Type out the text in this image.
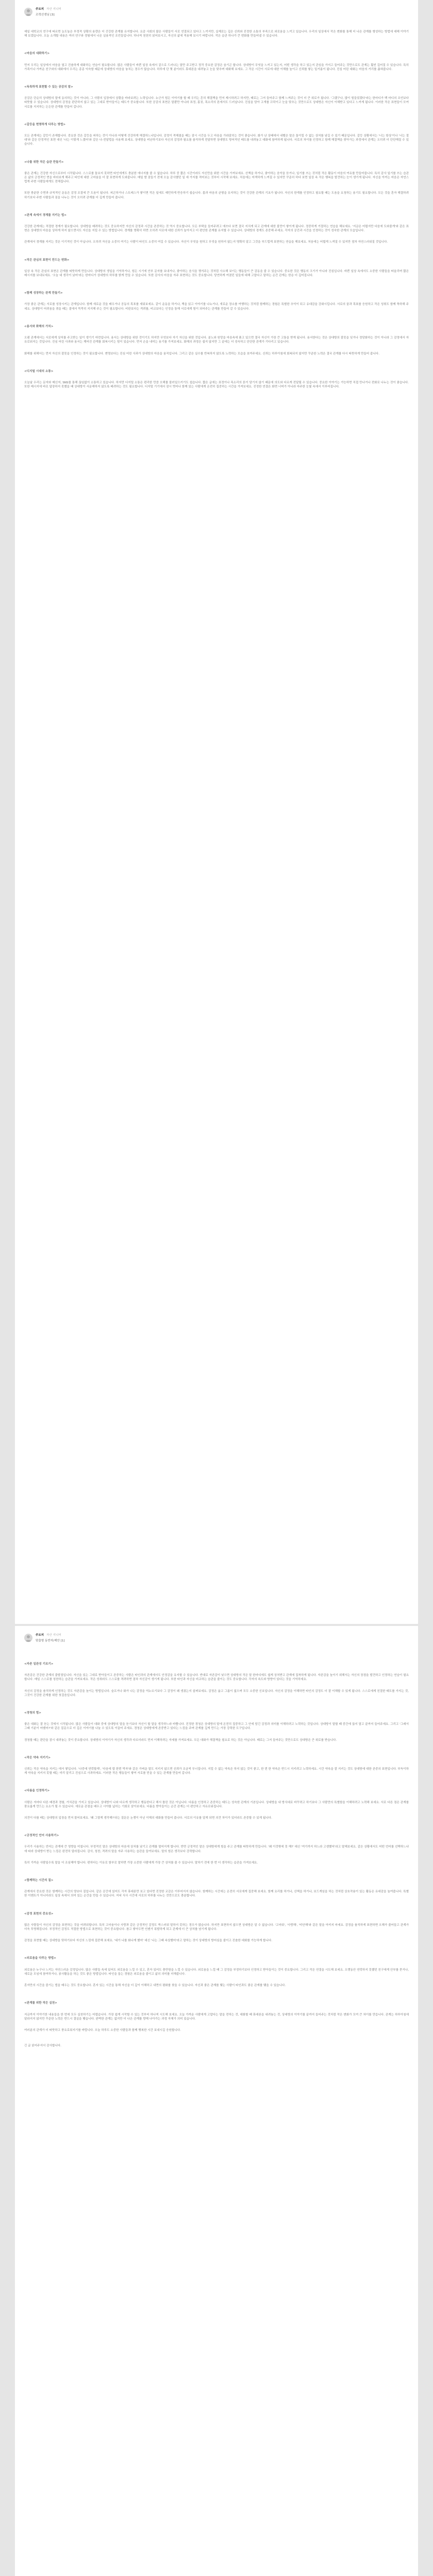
주토피 자산 지니어
조력선생님 [3]
예일 대학교의 연구에 따르면 농도높은 부정적 상황의 용량은 더 건강한 관계를 유지합니다. 요즘 사회의 많은 사람들이 서로 연결되고 있다고 느끼지만, 실제로는 깊은 신뢰와 진정한 소통의 부족으로 외로움을 느끼고 있습니다. 우리의 일상에서 작은 변화를 통해 더 나은 관계를 형성하는 방법에 대해 이야기해 보겠습니다. 오늘 소개할 내용은 여러 연구와 경험에서 나온 실용적인 조언들입니다. 하나씩 천천히 읽어보시고, 자신의 삶에 적용해 보시기 바랍니다. 작은 습관 하나가 큰 변화를 만들어낼 수 있습니다.
<마음의 대화하기>
먼저 우리는 일상에서 마음을 열고 진솔하게 대화하는 연습이 필요합니다. 많은 사람들이 바쁜 일상 속에서 겉으로 드러나는 말만 주고받고 정작 중요한 감정은 숨기곤 합니다. 상대방이 무엇을 느끼고 있는지, 어떤 생각을 하고 있는지 관심을 가지고 들어주는 것만으로도 관계는 훨씬 깊어질 수 있습니다. 특히 가족이나 가까운 친구와의 대화에서 우리는 종종 익숙함 때문에 상대방의 마음을 놓치는 경우가 많습니다. 하루에 단 몇 분이라도 휴대폰을 내려놓고 눈을 맞추며 대화해 보세요. 그 작은 시간이 서로에 대한 이해를 높이고 신뢰를 쌓는 밑거름이 됩니다. 진심 어린 대화는 마음의 거리를 좁혀줍니다.
<독특하게 표현할 수 있는 공감의 말>
공감은 단순히 상대방의 말에 동의하는 것이 아니라, 그 사람의 입장에서 상황을 바라보려는 노력입니다. 누군가 힘든 이야기를 할 때 우리는 흔히 해결책을 먼저 제시하려고 하지만, 때로는 그저 들어주고 함께 느껴주는 것이 더 큰 위로가 됩니다. '그랬구나, 많이 힘들었겠다'라는 한마디가 백 마디의 조언보다 따뜻할 수 있습니다. 상대방의 감정을 판단하지 않고 있는 그대로 받아들이는 태도가 중요합니다. 또한 공감의 표현은 말뿐만 아니라 표정, 몸짓, 목소리의 톤에서도 드러납니다. 진심을 담아 고개를 끄덕이고 눈을 맞추는 것만으로도 상대방은 자신이 이해받고 있다고 느끼게 됩니다. 이러한 작은 표현들이 모여 서로를 지지하는 든든한 관계를 만들어 갑니다.
<갈등을 현명하게 다루는 방법>
모든 관계에는 갈등이 존재합니다. 중요한 것은 갈등을 피하는 것이 아니라 어떻게 건강하게 해결하느냐입니다. 감정이 격해졌을 때는 잠시 시간을 두고 마음을 가라앉히는 것이 좋습니다. 화가 난 상태에서 내뱉은 말은 돌이킬 수 없는 상처를 남길 수 있기 때문입니다. 갈등 상황에서는 '너는 항상'이나 '너는 절대'와 같은 단정적인 표현 대신 '나는 이렇게 느꼈어'와 같은 나-전달법을 사용해 보세요. 상대방을 비난하기보다 자신의 감정과 필요를 솔직하게 전달하면 상대방도 방어적인 태도를 내려놓고 대화에 참여하게 됩니다. 서로의 차이를 인정하고 함께 해결책을 찾아가는 과정에서 관계는 오히려 더 단단해질 수 있습니다.
<나를 위한 작은 습관 만들기>
좋은 관계는 건강한 자신으로부터 시작됩니다. 스스로를 돌보지 못하면 타인에게도 충분한 에너지를 줄 수 없습니다. 하루 중 짧은 시간이라도 자신만을 위한 시간을 가져보세요. 산책을 하거나, 좋아하는 음악을 듣거나, 일기를 쓰는 것처럼 작은 활동이 마음의 여유를 만들어줍니다. 특히 감사 일기를 쓰는 습관은 삶의 긍정적인 면을 바라보게 해주고 타인에 대한 고마움을 더 잘 표현하게 도와줍니다. 매일 밤 잠들기 전에 오늘 감사했던 일 세 가지를 적어보는 것부터 시작해 보세요. 처음에는 어색하게 느껴질 수 있지만 꾸준히 하다 보면 일상 속 작은 행복을 발견하는 눈이 생기게 됩니다. 자신을 아끼는 마음은 자연스럽게 주변 사람들에게도 전해집니다.
또한 충분한 수면과 규칙적인 운동은 감정 조절에 큰 도움이 됩니다. 피곤하거나 스트레스가 쌓이면 작은 일에도 예민하게 반응하기 쉽습니다. 몸과 마음의 균형을 유지하는 것이 건강한 관계의 기초가 됩니다. 자신의 한계를 인정하고 필요할 때는 도움을 요청하는 용기도 필요합니다. 모든 것을 혼자 해결하려 하기보다 주변 사람들과 짐을 나누는 것이 오히려 관계를 더 깊게 만들어 줍니다.
<관계 속에서 경계를 지키는 법>
건강한 관계에는 적절한 경계가 필요합니다. 상대방을 배려하는 것도 중요하지만 자신의 감정과 시간을 존중하는 것 역시 중요합니다. 모든 부탁을 들어주려고 애쓰다 보면 결국 지치게 되고 관계에 대한 불만이 쌓이게 됩니다. 정중하게 거절하는 연습을 해보세요. '지금은 어렵지만 다음에 도와줄게'와 같은 표현은 상대방의 마음을 상하게 하지 않으면서도 자신을 지킬 수 있는 방법입니다. 경계를 명확히 하면 오히려 서로에 대한 신뢰가 높아지고 더 편안한 관계를 유지할 수 있습니다. 상대방의 경계도 존중해 주세요. 각자의 공간과 시간을 인정하는 것이 성숙한 관계의 모습입니다.
관계에서 경계를 지키는 것은 이기적인 것이 아닙니다. 오히려 자신을 소중히 여기는 사람이 타인도 소중히 여길 수 있습니다. 자신이 무엇을 원하고 무엇을 원하지 않는지 명확히 알고 그것을 부드럽게 표현하는 연습을 해보세요. 처음에는 어렵게 느껴질 수 있지만 점차 자연스러워질 것입니다.
<작은 관심의 표현이 만드는 변화>
일상 속 작은 관심의 표현은 관계를 따뜻하게 만듭니다. 상대방의 생일을 기억하거나, 힘든 시기에 안부 문자를 보내거나, 좋아하는 음식을 챙겨주는 것처럼 사소해 보이는 행동들이 큰 감동을 줄 수 있습니다. 중요한 것은 행동의 크기가 아니라 진심입니다. 바쁜 일상 속에서도 소중한 사람들을 떠올리며 짧은 메시지를 보내보세요. '오늘 네 생각이 났어'라는 한마디가 상대방의 하루를 밝게 만들 수 있습니다. 또한 감사의 마음을 자주 표현하는 것도 중요합니다. 당연하게 여겼던 일들에 대해 고맙다고 말하는 순간 관계는 한층 더 깊어집니다.
<함께 성장하는 관계 만들기>
가장 좋은 관계는 서로를 성장시키는 관계입니다. 함께 새로운 것을 배우거나 공동의 목표를 세워보세요. 같이 운동을 하거나, 책을 읽고 이야기를 나누거나, 새로운 장소를 여행하는 것처럼 함께하는 경험은 특별한 추억이 되고 유대감을 강화시킵니다. 서로의 꿈과 목표를 응원하고 작은 성취도 함께 축하해 주세요. 상대방이 어려움을 겪을 때는 곁에서 묵묵히 지지해 주는 것이 필요합니다. 비판보다는 격려를, 비교보다는 인정을 통해 서로에게 힘이 되어주는 관계를 만들어 갈 수 있습니다.
<용서와 화해의 가치>
오랜 관계에서는 서로에게 상처를 주고받는 일이 생기기 마련입니다. 용서는 상대방을 위한 것이기도 하지만 무엇보다 자기 자신을 위한 것입니다. 분노와 원망을 마음속에 품고 있으면 결국 자신이 가장 큰 고통을 받게 됩니다. 용서한다는 것은 상대방의 잘못을 잊거나 정당화하는 것이 아니라 그 감정에서 자유로워지는 것입니다. 진심 어린 사과와 용서는 깨어진 관계를 회복시키는 힘이 있습니다. 먼저 손을 내미는 용기를 가져보세요. 화해의 과정은 쉽지 않지만 그 끝에는 더 성숙하고 단단한 관계가 기다리고 있습니다.
화해를 위해서는 먼저 자신의 잘못을 인정하는 것이 필요합니다. 변명보다는 진심 어린 사과가 상대방의 마음을 움직입니다. 그리고 같은 실수를 반복하지 않도록 노력하는 모습을 보여주세요. 신뢰는 하루아침에 회복되지 않지만 꾸준한 노력은 결국 관계를 다시 따뜻하게 만들어 줍니다.
<디지털 시대의 소통>
오늘날 우리는 문자와 메신저, SNS를 통해 끊임없이 소통하고 있습니다. 하지만 디지털 소통은 편리한 만큼 오해를 불러일으키기도 쉽습니다. 짧은 글에는 표정이나 목소리의 톤이 담기지 않기 때문에 의도와 다르게 전달될 수 있습니다. 중요한 이야기는 가능하면 직접 만나거나 전화로 나누는 것이 좋습니다. 또한 메시지에 바로 답장하지 못했을 때 상대방이 서운해하지 않도록 배려하는 것도 필요합니다. 디지털 기기에서 잠시 벗어나 함께 있는 사람에게 온전히 집중하는 시간을 가져보세요. 진정한 연결은 화면 너머가 아니라 마주한 눈빛 속에서 이루어집니다.
주토피 자산 지니어
맞춤형 동반자/제안 [1]
<자존 일관성 기르기>
자존감은 건강한 관계의 출발점입니다. 자신을 있는 그대로 받아들이고 존중하는 사람은 타인과의 관계에서도 안정감을 유지할 수 있습니다. 반대로 자존감이 낮으면 상대방의 작은 말 한마디에도 쉽게 상처받고 관계에 집착하게 됩니다. 자존감을 높이기 위해서는 자신의 장점을 발견하고 인정하는 연습이 필요합니다. 매일 스스로를 칭찬하는 습관을 가져보세요. 작은 성취라도 스스로를 격려하면 점차 자신감이 생기게 됩니다. 또한 타인과 자신을 비교하는 습관을 줄이는 것도 중요합니다. 각자의 속도와 방향이 있다는 것을 기억하세요.
자신의 감정을 솔직하게 인정하는 것도 자존감을 높이는 방법입니다. 슬프거나 화가 나는 감정을 억누르기보다 그 감정이 왜 생겼는지 살펴보세요. 감정은 옳고 그름이 없으며 모두 소중한 신호입니다. 자신의 감정을 이해하면 타인의 감정도 더 잘 이해할 수 있게 됩니다. 스스로에게 친절한 태도를 가지는 것, 그것이 건강한 관계를 위한 첫걸음입니다.
<경청의 힘>
좋은 대화는 잘 듣는 것에서 시작됩니다. 많은 사람들이 대화 중에 상대방의 말을 듣기보다 자신이 할 말을 생각하느라 바쁩니다. 진정한 경청은 상대방의 말에 온전히 집중하고 그 안에 담긴 감정과 의미를 이해하려고 노력하는 것입니다. 상대방이 말할 때 중간에 끊지 말고 끝까지 들어주세요. 그리고 '그래서 그때 기분이 어땠어?'와 같은 질문으로 더 깊은 이야기를 나눌 수 있도록 이끌어 주세요. 경청은 상대방에게 존중받고 있다는 느낌을 주며 관계를 깊게 만드는 가장 강력한 도구입니다.
경청할 때는 판단을 잠시 내려놓는 것이 중요합니다. 상대방의 이야기가 자신의 생각과 다르더라도 먼저 이해하려는 자세를 가져보세요. 모든 대화가 해결책을 필요로 하는 것은 아닙니다. 때로는 그저 들어주는 것만으로도 상대방은 큰 위로를 받습니다.
<작은 약속 지키기>
신뢰는 작은 약속을 지키는 데서 쌓입니다. '나중에 연락할게', '다음에 밥 한번 먹자'와 같은 가벼운 말도 지키지 않으면 신뢰가 조금씩 무너집니다. 지킬 수 없는 약속은 하지 않는 것이 좋고, 한 번 한 약속은 반드시 지키려고 노력하세요. 시간 약속을 잘 지키는 것도 상대방에 대한 존중의 표현입니다. 부득이하게 약속을 지키지 못할 때는 미리 알리고 진심으로 사과하세요. 이러한 작은 행동들이 쌓여 서로를 믿을 수 있는 관계를 만들어 갑니다.
<다름을 인정하기>
사람은 저마다 다른 배경과 경험, 가치관을 가지고 있습니다. 상대방이 나와 다르게 생각하고 행동한다고 해서 틀린 것은 아닙니다. 다름을 인정하고 존중하는 태도는 성숙한 관계의 기본입니다. 상대방을 내 방식대로 바꾸려고 하기보다 그 사람만의 특별함을 이해하려고 노력해 보세요. 서로 다른 점은 관계를 풍요롭게 만드는 요소가 될 수 있습니다. 새로운 관점을 배우고 시야를 넓히는 기회로 삼아보세요. 다름을 받아들이는 순간 관계는 더 편안하고 자유로워집니다.
의견이 다를 때는 상대방의 입장을 먼저 물어보세요. '왜 그렇게 생각해?'라는 질문은 논쟁이 아닌 이해의 대화를 만들어 줍니다. 서로의 이유를 알게 되면 의견 차이가 있더라도 존중할 수 있게 됩니다.
<긍정적인 언어 사용하기>
우리가 사용하는 언어는 관계에 큰 영향을 미칩니다. 부정적인 말은 상대방의 마음에 상처를 남기고 관계를 멀어지게 합니다. 반면 긍정적인 말은 상대방에게 힘을 주고 관계를 따뜻하게 만듭니다. '왜 이것밖에 못 해?' 대신 '여기까지 하느라 고생했어'라고 말해보세요. 같은 상황에서도 어떤 언어를 선택하느냐에 따라 상대방이 받는 느낌은 완전히 달라집니다. 감사, 칭찬, 격려의 말을 자주 사용하는 습관을 들여보세요. 말의 힘은 생각보다 강력합니다.
특히 가까운 사람일수록 말을 더 조심해야 합니다. 편하다는 이유로 함부로 말하면 가장 소중한 사람에게 가장 큰 상처를 줄 수 있습니다. 말하기 전에 한 번 더 생각하는 습관을 가져보세요.
<함께하는 시간의 질>
관계에서 중요한 것은 함께하는 시간의 양보다 질입니다. 같은 공간에 있어도 각자 휴대폰만 보고 있다면 진정한 교감은 이루어지지 않습니다. 함께하는 시간에는 온전히 서로에게 집중해 보세요. 함께 요리를 하거나, 산책을 하거나, 보드게임을 하는 것처럼 상호작용이 있는 활동은 유대감을 높여줍니다. 특별한 이벤트가 아니더라도 일상 속에서 의미 있는 순간을 만들 수 있습니다. 저녁 식사 시간에 서로의 하루를 나누는 것만으로도 충분합니다.
<감정 표현의 중요성>
많은 사람들이 자신의 감정을 표현하는 것을 어려워합니다. 특히 고마움이나 사랑과 같은 긍정적인 감정도 쑥스러워 말하지 못하는 경우가 많습니다. 하지만 표현하지 않으면 상대방은 알 수 없습니다. '고마워', '사랑해', '미안해'와 같은 말을 아끼지 마세요. 감정을 솔직하게 표현하면 오해가 줄어들고 관계가 더욱 투명해집니다. 부정적인 감정도 적절한 방법으로 표현하는 것이 중요합니다. 참고 쌓아두면 언젠가 폭발하게 되고 관계에 더 큰 상처를 남기게 됩니다.
감정을 표현할 때는 상대방을 탓하기보다 자신의 느낌에 집중해 보세요. '네가 나를 화나게 했어' 대신 '나는 그때 속상했어'라고 말하는 것이 상대방의 방어심을 줄이고 진솔한 대화를 가능하게 합니다.
<외로움을 다루는 방법>
외로움은 누구나 느끼는 자연스러운 감정입니다. 많은 사람들 속에 있어도 외로움을 느낄 수 있고, 혼자 있어도 충만함을 느낄 수 있습니다. 외로움을 느낄 때 그 감정을 부정하기보다 인정하고 받아들이는 것이 중요합니다. 그리고 작은 연결을 시도해 보세요. 오랫동안 연락하지 못했던 친구에게 안부를 묻거나, 새로운 모임에 참여하거나, 봉사활동을 하는 것도 좋은 방법입니다. 타인을 돕는 경험은 외로움을 줄이고 삶의 의미를 더해줍니다.
혼자만의 시간을 즐기는 법을 배우는 것도 중요합니다. 혼자 있는 시간을 통해 자신을 더 깊이 이해하고 내면의 평화를 찾을 수 있습니다. 자신과 좋은 관계를 맺는 사람이 타인과도 좋은 관계를 맺을 수 있습니다.
<관계를 위한 작은 실천>
지금까지 이야기한 내용들을 한 번에 모두 실천하기는 어렵습니다. 가장 쉽게 시작할 수 있는 것부터 하나씩 시도해 보세요. 오늘 가까운 사람에게 고맙다는 말을 전하는 것, 대화할 때 휴대폰을 내려놓는 것, 상대방의 이야기를 끝까지 들어주는 것처럼 작은 변화가 모여 큰 차이를 만듭니다. 관계는 하루아침에 달라지지 않지만 꾸준한 노력은 반드시 결실을 맺습니다. 완벽한 관계는 없지만 더 나은 관계를 향해 나아가는 과정 자체가 의미 있습니다.
여러분의 관계가 더 따뜻하고 풍요로워지기를 바랍니다. 오늘 하루도 소중한 사람들과 함께 행복한 시간 보내시길 응원합니다.
긴 글 읽어주셔서 감사합니다.
